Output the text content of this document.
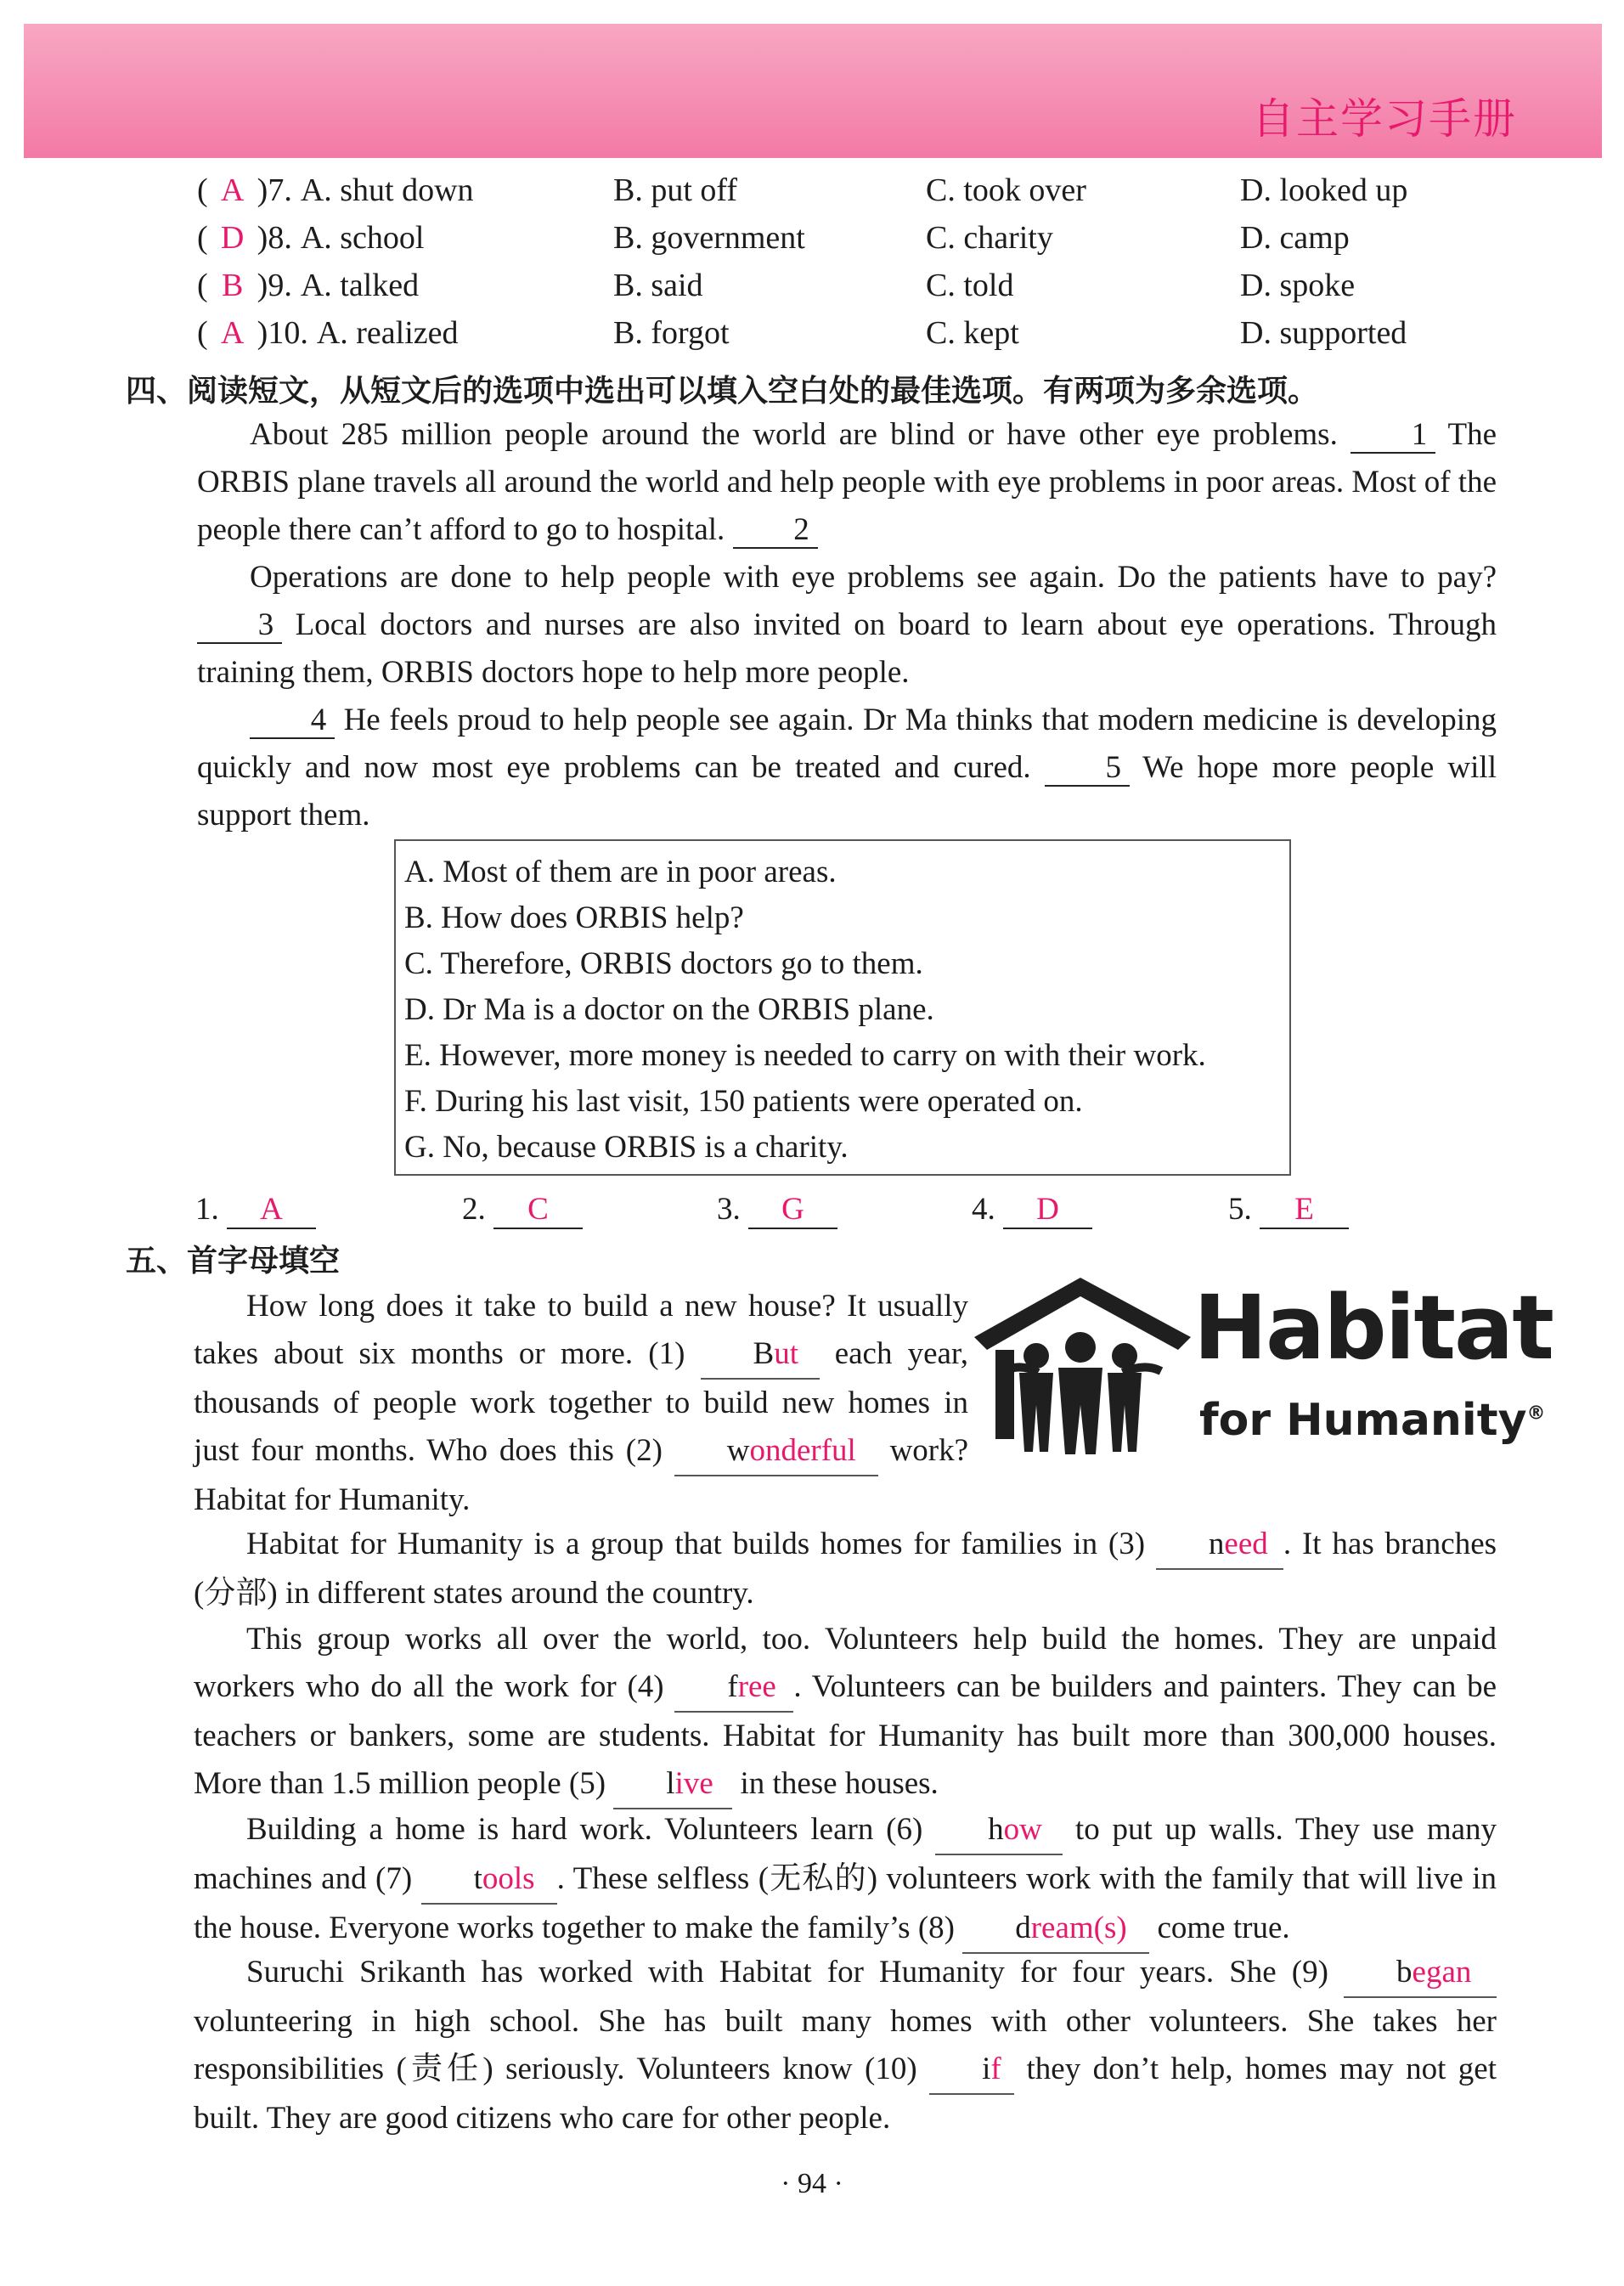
自主学习手册
( A )7. A. shut down	B. put off	C. took over	D. looked up
( D )8. A. school	B. government	C. charity	D. camp
( B )9. A. talked	B. said	C. told	D. spoke
( A )10. A. realized	B. forgot	C. kept	D. supported
四、阅读短文，从短文后的选项中选出可以填入空白处的最佳选项。有两项为多余选项。
About 285 million people around the world are blind or have other eye problems. 1 The ORBIS plane travels all around the world and help people with eye problems in poor areas. Most of the people there can’t afford to go to hospital. 2
Operations are done to help people with eye problems see again. Do the patients have to pay? 3 Local doctors and nurses are also invited on board to learn about eye operations. Through training them, ORBIS doctors hope to help more people.
4 He feels proud to help people see again. Dr Ma thinks that modern medicine is developing quickly and now most eye problems can be treated and cured. 5 We hope more people will support them.
A. Most of them are in poor areas.
B. How does ORBIS help?
C. Therefore, ORBIS doctors go to them.
D. Dr Ma is a doctor on the ORBIS plane.
E. However, more money is needed to carry on with their work.
F. During his last visit, 150 patients were operated on.
G. No, because ORBIS is a charity.
1. A	2. C	3. G	4. D	5. E
五、首字母填空
Habitat
for Humanity®
How long does it take to build a new house? It usually takes about six months or more. (1) But each year, thousands of people work together to build new homes in just four months. Who does this (2) wonderful work? Habitat for Humanity.
Habitat for Humanity is a group that builds homes for families in (3) need . It has branches (分部) in different states around the country.
This group works all over the world, too. Volunteers help build the homes. They are unpaid workers who do all the work for (4) free . Volunteers can be builders and painters. They can be teachers or bankers, some are students. Habitat for Humanity has built more than 300,000 houses. More than 1.5 million people (5) live in these houses.
Building a home is hard work. Volunteers learn (6) how to put up walls. They use many machines and (7) tools . These selfless (无私的) volunteers work with the family that will live in the house. Everyone works together to make the family’s (8) dream(s) come true.
Suruchi Srikanth has worked with Habitat for Humanity for four years. She (9) began volunteering in high school. She has built many homes with other volunteers. She takes her responsibilities (责任) seriously. Volunteers know (10) if they don’t help, homes may not get built. They are good citizens who care for other people.
· 94 ·
